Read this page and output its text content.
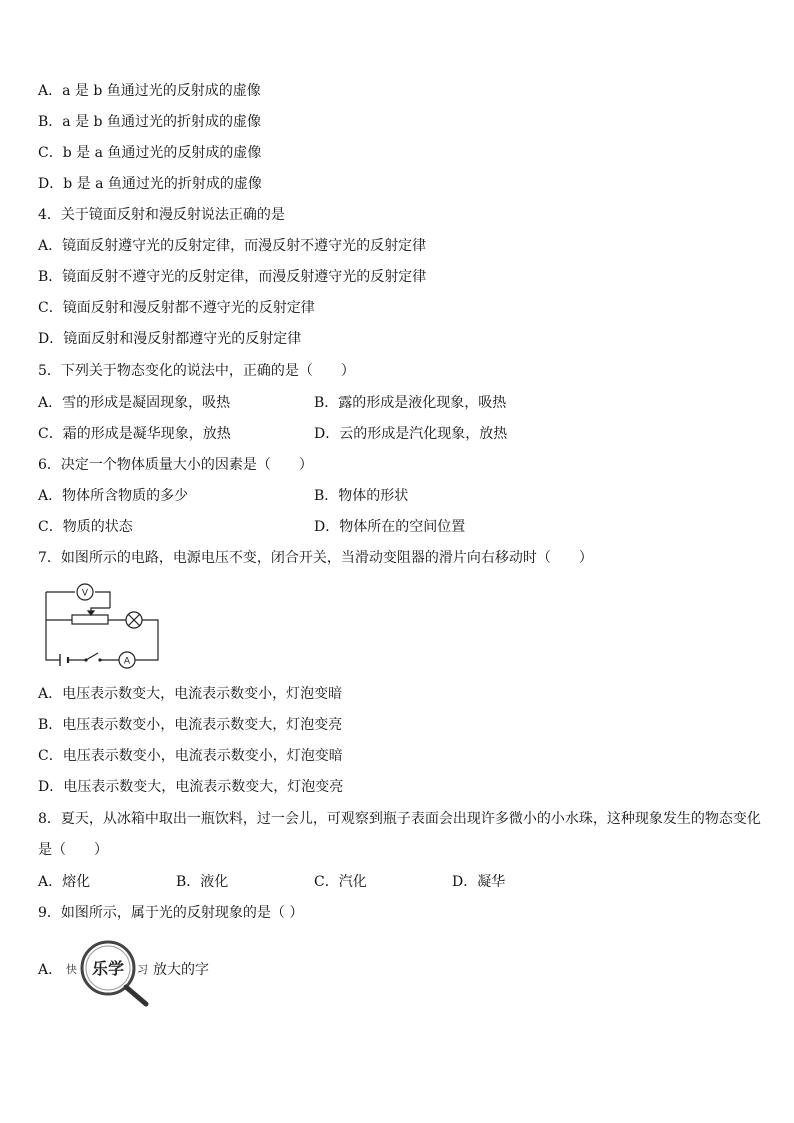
A．a 是 b 鱼通过光的反射成的虚像
B．a 是 b 鱼通过光的折射成的虚像
C．b 是 a 鱼通过光的反射成的虚像
D．b 是 a 鱼通过光的折射成的虚像
4．关于镜面反射和漫反射说法正确的是
A．镜面反射遵守光的反射定律，而漫反射不遵守光的反射定律
B．镜面反射不遵守光的反射定律，而漫反射遵守光的反射定律
C．镜面反射和漫反射都不遵守光的反射定律
D．镜面反射和漫反射都遵守光的反射定律
5．下列关于物态变化的说法中，正确的是（　　）
A．雪的形成是凝固现象，吸热	B．露的形成是液化现象，吸热
C．霜的形成是凝华现象，放热	D．云的形成是汽化现象，放热
6．决定一个物体质量大小的因素是（　　）
A．物体所含物质的多少	B．物体的形状
C．物质的状态	D．物体所在的空间位置
7．如图所示的电路，电源电压不变，闭合开关，当滑动变阻器的滑片向右移动时（　　）
V
A
A．电压表示数变大，电流表示数变小，灯泡变暗
B．电压表示数变小，电流表示数变大，灯泡变亮
C．电压表示数变小，电流表示数变小，灯泡变暗
D．电压表示数变大，电流表示数变大，灯泡变亮
8．夏天，从冰箱中取出一瓶饮料，过一会儿，可观察到瓶子表面会出现许多微小的小水珠，这种现象发生的物态变化
是（　　）
A．熔化	B．液化	C．汽化	D．凝华
9．如图所示，属于光的反射现象的是（ ）
A． 快 乐学 习 放大的字
